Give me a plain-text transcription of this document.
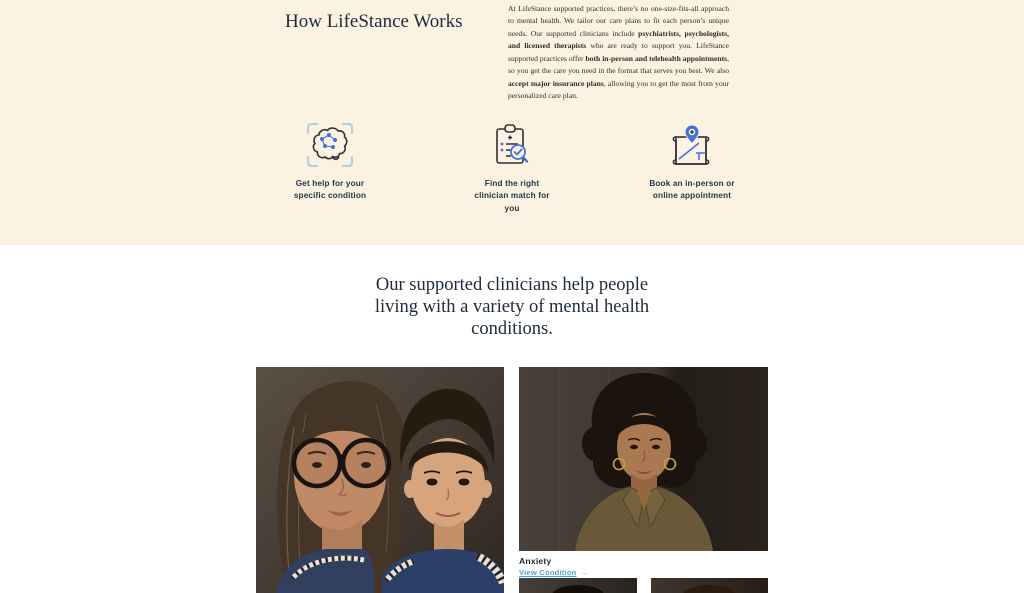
How LifeStance Works

At LifeStance supported practices, there’s no one-size-fits-all approach to mental health. We tailor our care plans to fit each person’s unique needs. Our supported clinicians include psychiatrists, psychologists, and licensed therapists who are ready to support you. LifeStance supported practices offer both in-person and telehealth appointments, so you get the care you need in the format that serves you best. We also accept major insurance plans, allowing you to get the most from your personalized care plan.

Get help for your
specific condition
Find the right
clinician match for
you
Book an in-person or
online appointment
Our supported clinicians help people
living with a variety of mental health
conditions.
Anxiety
View Condition →
